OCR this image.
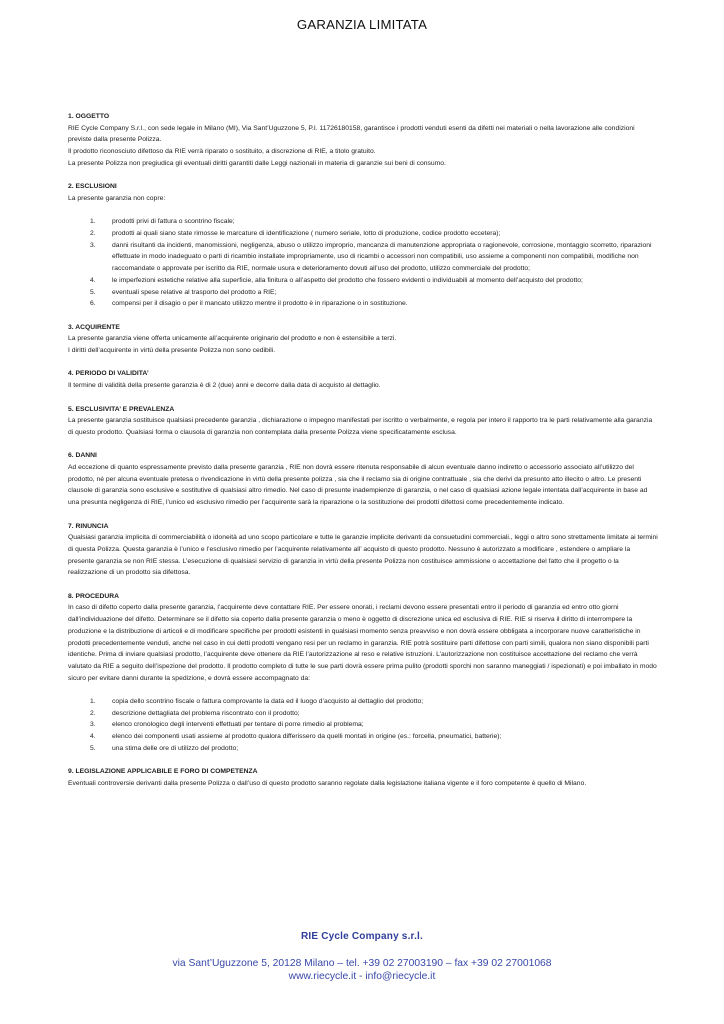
GARANZIA LIMITATA
1. OGGETTO

RIE Cycle Company S.r.l., con sede legale in Milano (MI), Via Sant’Uguzzone 5, P.I. 11726180158, garantisce i prodotti venduti esenti da difetti nei materiali o nella lavorazione alle condizioni previste dalla presente Polizza.

Il prodotto riconosciuto difettoso da RIE verrà riparato o sostituito, a discrezione di RIE, a titolo gratuito.

La presente Polizza non pregiudica gli eventuali diritti garantiti dalle Leggi nazionali in materia di garanzie sui beni di consumo.

2. ESCLUSIONI

La presente garanzia non copre:

1.	prodotti privi di fattura o scontrino fiscale;
2.	prodotti ai quali siano state rimosse le marcature di identificazione ( numero seriale, lotto di produzione, codice prodotto eccetera);
3.	danni risultanti da incidenti, manomissioni, negligenza, abuso o utilizzo improprio, mancanza di manutenzione appropriata o ragionevole, corrosione, montaggio scorretto, riparazioni effettuate in modo inadeguato o parti di ricambio installate impropriamente, uso di ricambi o accessori non compatibili, uso assieme a componenti non compatibili, modifiche non raccomandate o approvate per iscritto da RIE, normale usura e deterioramento dovuti all’uso del prodotto, utilizzo commerciale del prodotto;
4.	le imperfezioni estetiche relative alla superficie, alla finitura o all’aspetto del prodotto che fossero evidenti o individuabili al momento dell’acquisto del prodotto;
5.	eventuali spese relative al trasporto del prodotto a RIE;
6.	compensi per il disagio o per il mancato utilizzo mentre il prodotto è in riparazione o in sostituzione.
3. ACQUIRENTE

La presente garanzia viene offerta unicamente all’acquirente originario del prodotto e non è estensibile a terzi.

I diritti dell’acquirente in virtù della presente Polizza non sono cedibili.

4. PERIODO DI VALIDITA’

Il termine di validità della presente garanzia è di 2 (due) anni e decorre dalla data di acquisto al dettaglio.

5. ESCLUSIVITA’ E PREVALENZA

La presente garanzia sostituisce qualsiasi precedente garanzia , dichiarazione o impegno manifestati per iscritto o verbalmente, e regola per intero il rapporto tra le parti relativamente alla garanzia di questo prodotto. Qualsiasi forma o clausola di garanzia non contemplata dalla presente Polizza viene specificatamente esclusa.

6. DANNI

Ad eccezione di quanto espressamente previsto dalla presente garanzia , RIE non dovrà essere ritenuta responsabile di alcun eventuale danno indiretto o accessorio associato all’utilizzo del prodotto, né per alcuna eventuale pretesa o rivendicazione in virtù della presente polizza , sia che il reclamo sia di origine contrattuale , sia che derivi da presunto atto illecito o altro. Le presenti clausole di garanzia sono esclusive e sostitutive di qualsiasi altro rimedio. Nel caso di presunte inadempienze di garanzia, o nel caso di qualsiasi azione legale intentata dall’acquirente in base ad una presunta negligenza di RIE, l’unico ed esclusivo rimedio per l’acquirente sarà la riparazione o la sostituzione dei prodotti difettosi come precedentemente indicato.

7. RINUNCIA

Qualsiasi garanzia implicita di commerciabilità o idoneità ad uno scopo particolare e tutte le garanzie implicite derivanti da consuetudini commerciali., leggi o altro sono strettamente limitate ai termini di questa Polizza. Questa garanzia è l’unico e l’esclusivo rimedio per l’acquirente relativamente all’ acquisto di questo prodotto. Nessuno è autorizzato a modificare , estendere o ampliare la presente garanzia se non RIE stessa. L’esecuzione di qualsiasi servizio di garanzia in virtù della presente Polizza non costituisce ammissione o accettazione del fatto che il progetto o la realizzazione di un prodotto sia difettosa.

8. PROCEDURA

In caso di difetto coperto dalla presente garanzia, l’acquirente deve contattare RIE. Per essere onorati, i reclami devono essere presentati entro il periodo di garanzia ed entro otto giorni dall’individuazione del difetto. Determinare se il difetto sia coperto dalla presente garanzia o meno è oggetto di discrezione unica ed esclusiva di RIE. RIE si riserva il diritto di interrompere la produzione e la distribuzione di articoli e di modificare specifiche per prodotti esistenti in qualsiasi momento senza preavviso e non dovrà essere obbligata a incorporare nuove caratteristiche in prodotti precedentemente venduti, anche nel caso in cui detti prodotti vengano resi per un reclamo in garanzia. RIE potrà sostituire parti difettose con parti simili, qualora non siano disponibili parti identiche. Prima di inviare qualsiasi prodotto, l’acquirente deve ottenere da RIE l’autorizzazione al reso e relative istruzioni. L’autorizzazione non costituisce accettazione del reclamo che verrà valutato da RIE a seguito dell’ispezione del prodotto. Il prodotto completo di tutte le sue parti dovrà essere prima pulito (prodotti sporchi non saranno maneggiati / ispezionati) e poi imballato in modo sicuro per evitare danni durante la spedizione, e dovrà essere accompagnato da:

1.	copia dello scontrino fiscale o fattura comprovante la data ed il luogo d’acquisto al dettaglio del prodotto;
2.	descrizione dettagliata del problema riscontrato con il prodotto;
3.	elenco cronologico degli interventi effettuati per tentare di porre rimedio al problema;
4.	elenco dei componenti usati assieme al prodotto qualora differissero da quelli montati in origine (es.: forcella, pneumatici, batterie);
5.	una stima delle ore di utilizzo del prodotto;
9. LEGISLAZIONE APPLICABILE E FORO DI COMPETENZA

Eventuali controversie derivanti dalla presente Polizza o dall’uso di questo prodotto saranno regolate dalla legislazione italiana vigente e il foro competente è quello di Milano.

RIE Cycle Company s.r.l.
via Sant’Uguzzone 5, 20128 Milano – tel. +39 02 27003190 – fax +39 02 27001068
www.riecycle.it - info@riecycle.it
